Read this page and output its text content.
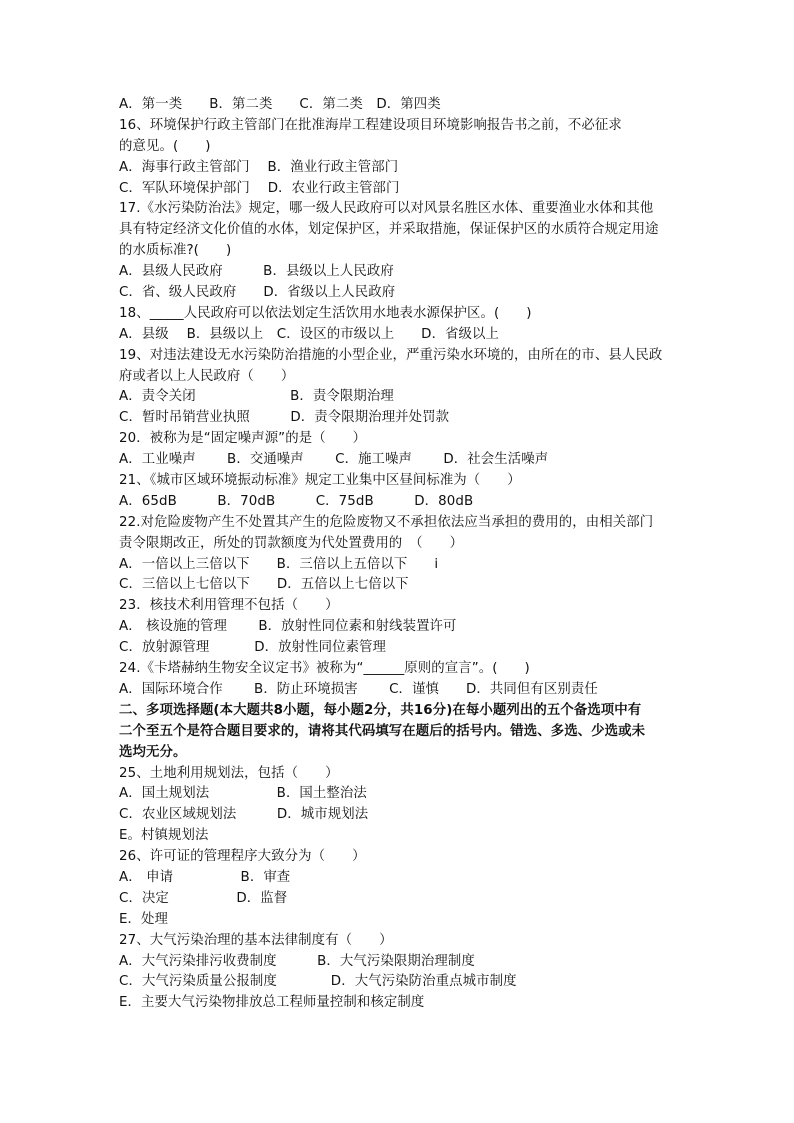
A．第一类　　B．第二类　　C．第二类　D．第四类
16、环境保护行政主管部门在批准海岸工程建设项目环境影响报告书之前，不必征求
的意见。(　　)
A．海事行政主管部门　 B．渔业行政主管部门
C．军队环境保护部门　 D．农业行政主管部门
17.《水污染防治法》规定，哪一级人民政府可以对风景名胜区水体、重要渔业水体和其他
具有特定经济文化价值的水体，划定保护区，并采取措施，保证保护区的水质符合规定用途
的水质标准?(　　)
A．县级人民政府　　　B．县级以上人民政府
C．省、级人民政府　　D．省级以上人民政府
18、_____人民政府可以依法划定生活饮用水地表水源保护区。(　　)
A．县级　 B．县级以上　C．设区的市级以上　　D．省级以上
19、对违法建设无水污染防治措施的小型企业，严重污染水环境的，由所在的市、县人民政
府或者以上人民政府（　　）
A．责令关闭　　　　　　　B．责令限期治理
C．暂时吊销营业执照　　　D．责令限期治理并处罚款
20．被称为是“固定噪声源”的是（　　）
A．工业噪声　　 B．交通噪声　　 C．施工噪声　　 D．社会生活噪声
21、《城市区域环境振动标准》规定工业集中区昼间标准为（　　）
A．65dB　　　B．70dB　　　C．75dB　　　D．80dB
22.对危险废物产生不处置其产生的危险废物又不承担依法应当承担的费用的，由相关部门
责令限期改正，所处的罚款额度为代处置费用的　（　　）
A．一倍以上三倍以下　　B．三倍以上五倍以下　　i
C．三倍以上七倍以下　　D．五倍以上七倍以下
23．核技术利用管理不包括（　　）
A． 核设施的管理　　 B．放射性同位素和射线装置许可
C．放射源管理　　　 D．放射性同位素管理
24.《卡塔赫纳生物安全议定书》被称为“______原则的宣言”。(　　)
A．国际环境合作　　 B．防止环境损害　　 C．谨慎　　D．共同但有区别责任
二、多项选择题(本大题共8小题，每小题2分，共16分)在每小题列出的五个备选项中有
二个至五个是符合题目要求的，请将其代码填写在题后的括号内。错选、多选、少选或未
选均无分。
25、土地利用规划法，包括（　　）
A．国土规划法　　　　　B．国土整治法
C．农业区域规划法　　　D．城市规划法
E。村镇规划法
26、许可证的管理程序大致分为（　　）
A． 申请　　　　　B．审查
C．决定　　　　　D．监督
E．处理
27、大气污染治理的基本法律制度有（　　）
A．大气污染排污收费制度　　　B．大气污染限期治理制度
C．大气污染质量公报制度　　　　D．大气污染防治重点城市制度
E．主要大气污染物排放总工程师量控制和核定制度
